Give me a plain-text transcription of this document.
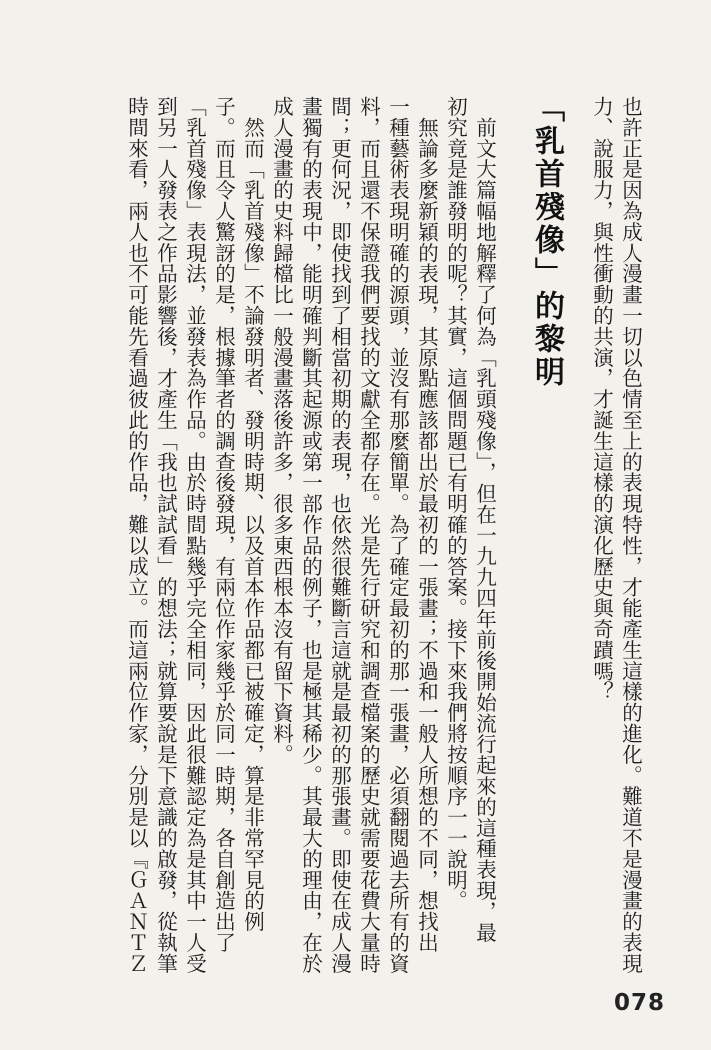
也許正是因為成人漫畫一切以色情至上的表現特性，才能產生這樣的進化。難道不是漫畫的表現
力、說服力，與性衝動的共演，才誕生這樣的演化歷史與奇蹟嗎？
「乳首殘像」的黎明
　前文大篇幅地解釋了何為「乳頭殘像」，但在一九九四年前後開始流行起來的這種表現，最
初究竟是誰發明的呢？其實，這個問題已有明確的答案。接下來我們將按順序一一說明。
　無論多麼新穎的表現，其原點應該都出於最初的一張畫；不過和一般人所想的不同，想找出
一種藝術表現明確的源頭，並沒有那麼簡單。為了確定最初的那一張畫，必須翻閱過去所有的資
料，而且還不保證我們要找的文獻全都存在。光是先行研究和調查檔案的歷史就需要花費大量時
間；更何況，即使找到了相當初期的表現，也依然很難斷言這就是最初的那張畫。即使在成人漫
畫獨有的表現中，能明確判斷其起源或第一部作品的例子，也是極其稀少。其最大的理由，在於
成人漫畫的史料歸檔比一般漫畫落後許多，很多東西根本沒有留下資料。
　然而「乳首殘像」不論發明者、發明時期、以及首本作品都已被確定，算是非常罕見的例
子。而且令人驚訝的是，根據筆者的調查後發現，有兩位作家幾乎於同一時期，各自創造出了
「乳首殘像」表現法，並發表為作品。由於時間點幾乎完全相同，因此很難認定為是其中一人受
到另一人發表之作品影響後，才產生「我也試試看」的想法；就算要說是下意識的啟發，從執筆
時間來看，兩人也不可能先看過彼此的作品，難以成立。而這兩位作家，分別是以『ＧＡＮＴＺ
078
